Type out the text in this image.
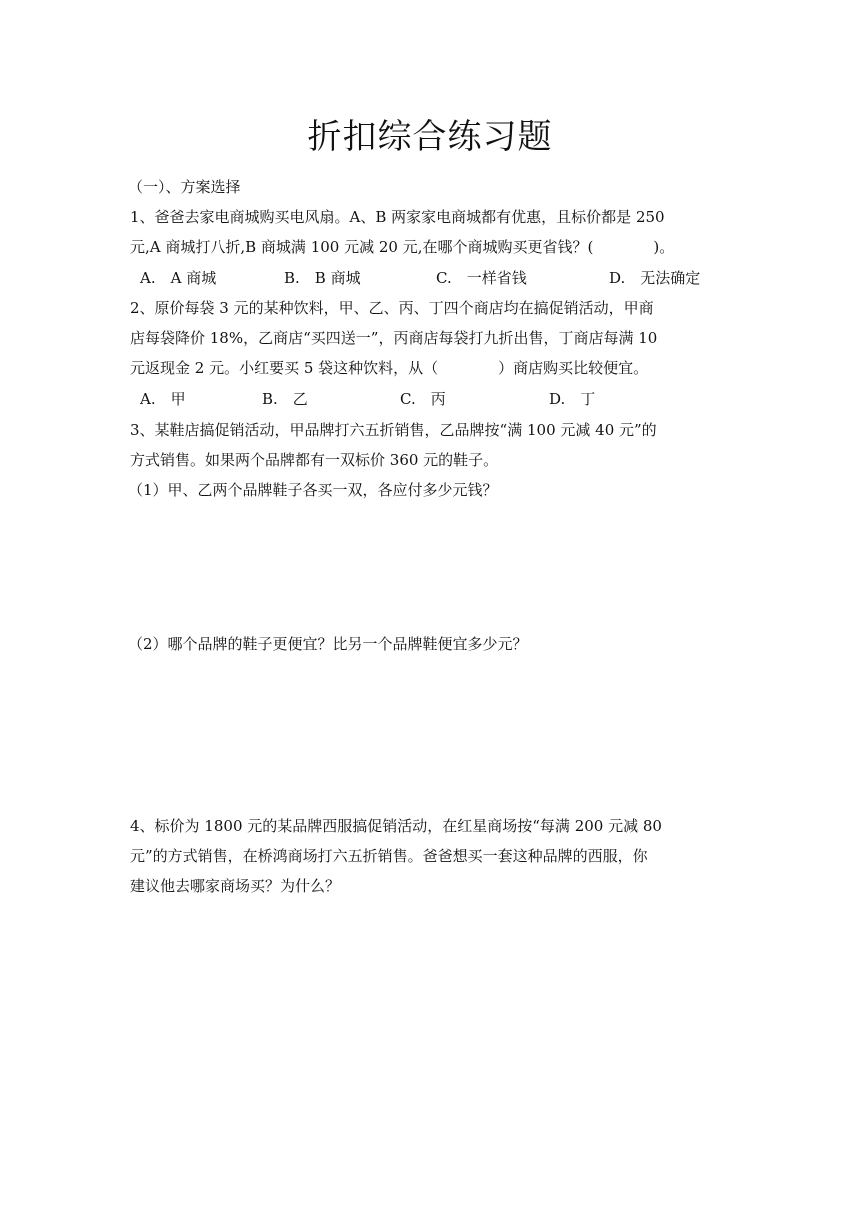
折扣综合练习题
（一）、方案选择
1、爸爸去家电商城购买电风扇。A、B 两家家电商城都有优惠，且标价都是 250
元,A 商城打八折,B 商城满 100 元减 20 元,在哪个商城购买更省钱？(　　　　)。
A.　A 商城	B.　B 商城	C.　一样省钱	D.　无法确定
2、原价每袋 3 元的某种饮料，甲、乙、丙、丁四个商店均在搞促销活动，甲商
店每袋降价 18%，乙商店“买四送一”，丙商店每袋打九折出售，丁商店每满 10
元返现金 2 元。小红要买 5 袋这种饮料，从（　　　　）商店购买比较便宜。
A.　甲	B.　乙	C.　丙	D.　丁
3、某鞋店搞促销活动，甲品牌打六五折销售，乙品牌按“满 100 元减 40 元”的
方式销售。如果两个品牌都有一双标价 360 元的鞋子。
（1）甲、乙两个品牌鞋子各买一双，各应付多少元钱？
（2）哪个品牌的鞋子更便宜？比另一个品牌鞋便宜多少元？
4、标价为 1800 元的某品牌西服搞促销活动，在红星商场按“每满 200 元减 80
元”的方式销售，在桥鸿商场打六五折销售。爸爸想买一套这种品牌的西服，你
建议他去哪家商场买？为什么？
